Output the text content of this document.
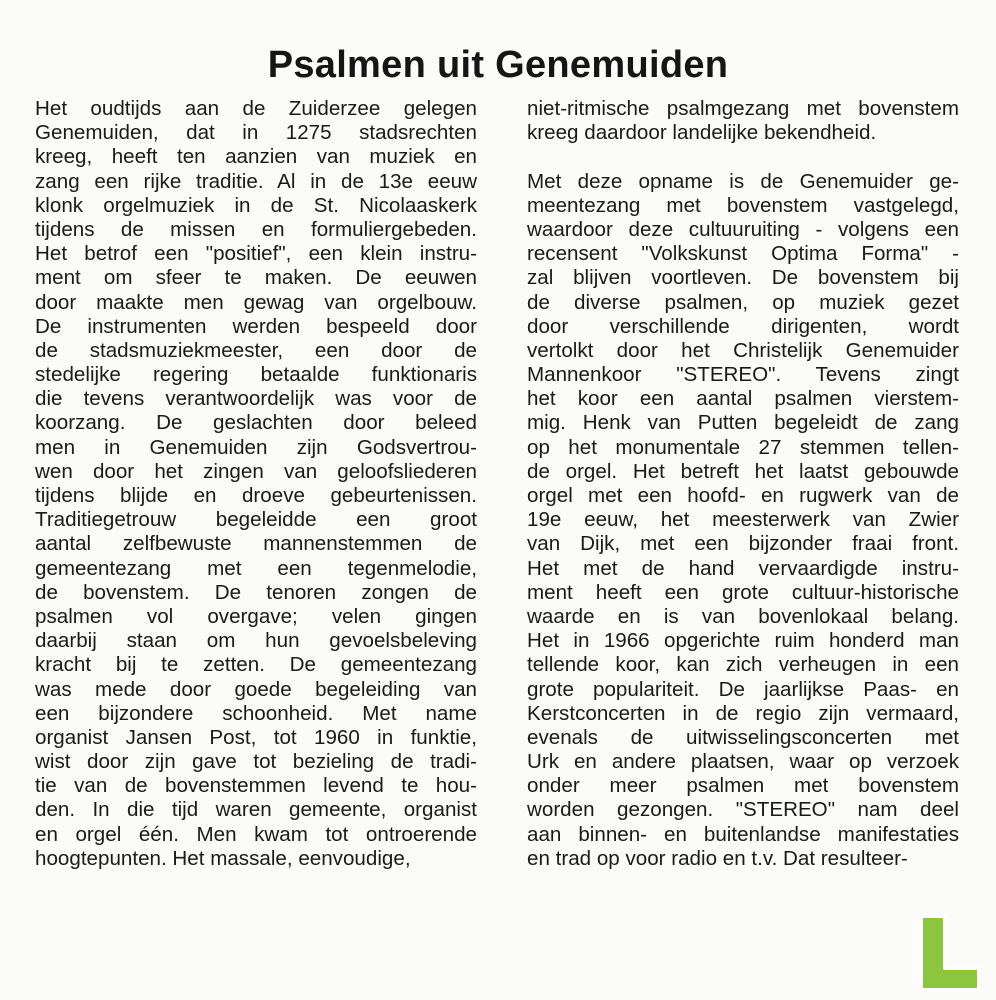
Psalmen uit Genemuiden
Het oudtijds aan de Zuiderzee gelegen
Genemuiden, dat in 1275 stadsrechten
kreeg, heeft ten aanzien van muziek en
zang een rijke traditie. Al in de 13e eeuw
klonk orgelmuziek in de St. Nicolaaskerk
tijdens de missen en formuliergebeden.
Het betrof een "positief", een klein instru-
ment om sfeer te maken. De eeuwen
door maakte men gewag van orgelbouw.
De instrumenten werden bespeeld door
de stadsmuziekmeester, een door de
stedelijke regering betaalde funktionaris
die tevens verantwoordelijk was voor de
koorzang. De geslachten door beleed
men in Genemuiden zijn Godsvertrou-
wen door het zingen van geloofsliederen
tijdens blijde en droeve gebeurtenissen.
Traditiegetrouw begeleidde een groot
aantal zelfbewuste mannenstemmen de
gemeentezang met een tegenmelodie,
de bovenstem. De tenoren zongen de
psalmen vol overgave; velen gingen
daarbij staan om hun gevoelsbeleving
kracht bij te zetten. De gemeentezang
was mede door goede begeleiding van
een bijzondere schoonheid. Met name
organist Jansen Post, tot 1960 in funktie,
wist door zijn gave tot bezieling de tradi-
tie van de bovenstemmen levend te hou-
den. In die tijd waren gemeente, organist
en orgel één. Men kwam tot ontroerende
hoogtepunten. Het massale, eenvoudige,
niet-ritmische psalmgezang met bovenstem
kreeg daardoor landelijke bekendheid.
Met deze opname is de Genemuider ge-
meentezang met bovenstem vastgelegd,
waardoor deze cultuuruiting - volgens een
recensent "Volkskunst Optima Forma" -
zal blijven voortleven. De bovenstem bij
de diverse psalmen, op muziek gezet
door verschillende dirigenten, wordt
vertolkt door het Christelijk Genemuider
Mannenkoor "STEREO". Tevens zingt
het koor een aantal psalmen vierstem-
mig. Henk van Putten begeleidt de zang
op het monumentale 27 stemmen tellen-
de orgel. Het betreft het laatst gebouwde
orgel met een hoofd- en rugwerk van de
19e eeuw, het meesterwerk van Zwier
van Dijk, met een bijzonder fraai front.
Het met de hand vervaardigde instru-
ment heeft een grote cultuur-historische
waarde en is van bovenlokaal belang.
Het in 1966 opgerichte ruim honderd man
tellende koor, kan zich verheugen in een
grote populariteit. De jaarlijkse Paas- en
Kerstconcerten in de regio zijn vermaard,
evenals de uitwisselingsconcerten met
Urk en andere plaatsen, waar op verzoek
onder meer psalmen met bovenstem
worden gezongen. "STEREO" nam deel
aan binnen- en buitenlandse manifestaties
en trad op voor radio en t.v. Dat resulteer-
